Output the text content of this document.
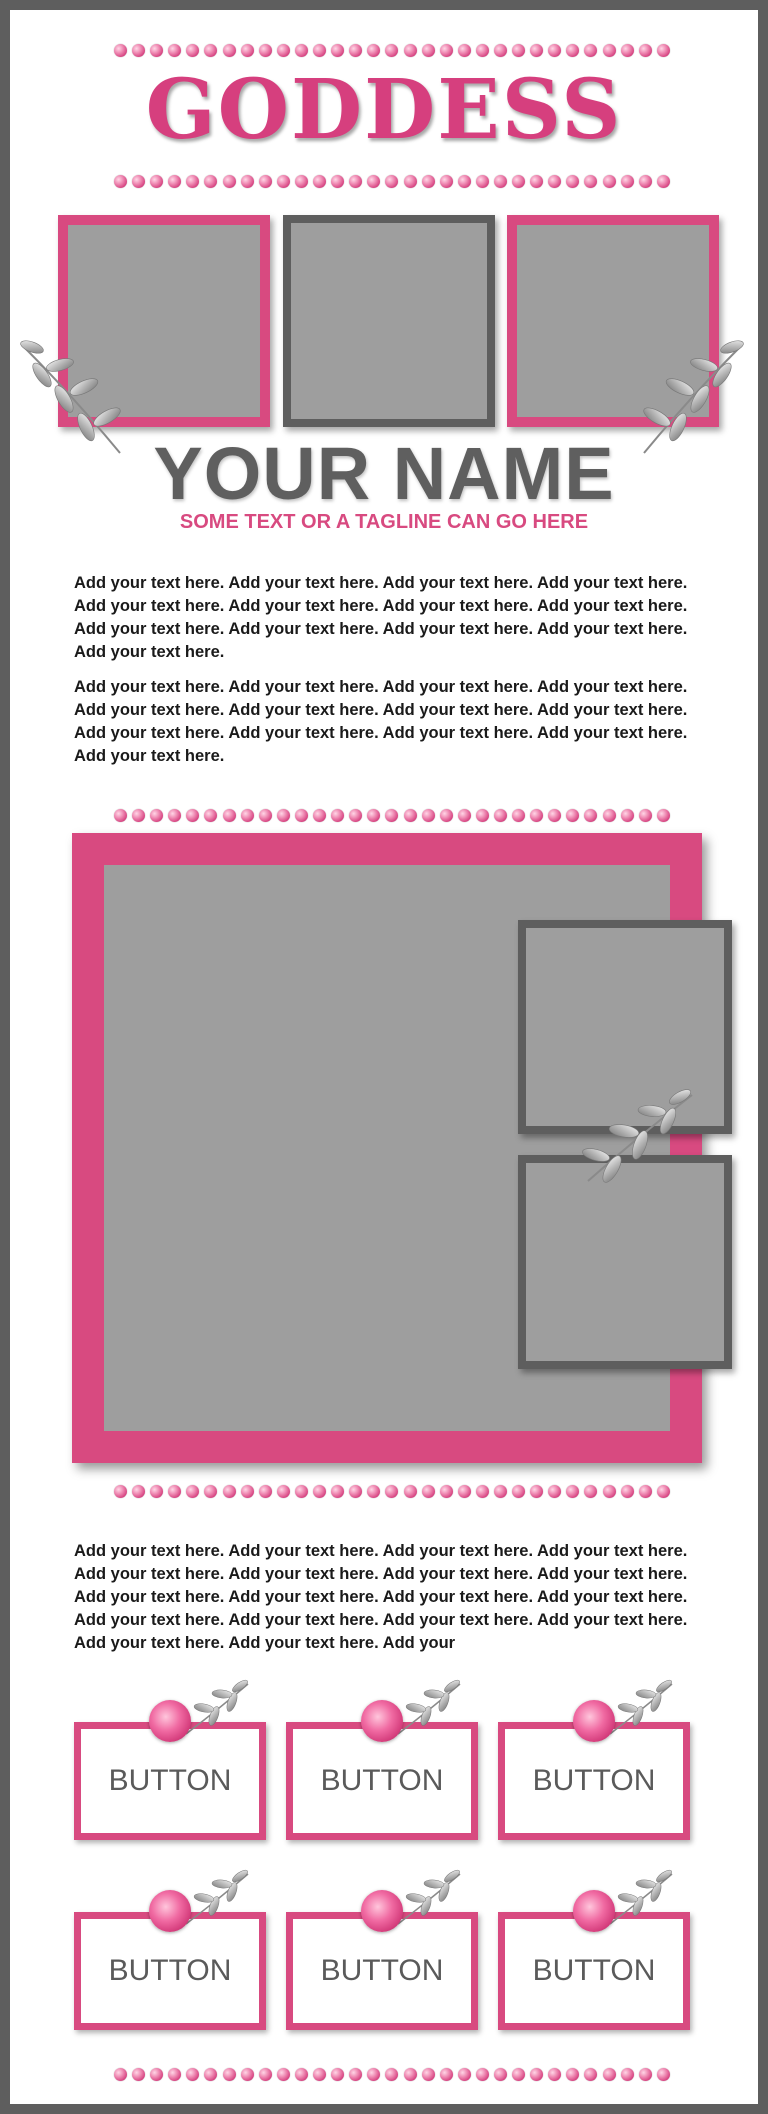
GODDESS
YOUR NAME
SOME TEXT OR A TAGLINE CAN GO HERE

Add your text here. Add your text here. Add your text here. Add your text here. Add your text here. Add your text here. Add your text here. Add your text here. Add your text here. Add your text here. Add your text here. Add your text here. Add your text here.

Add your text here. Add your text here. Add your text here. Add your text here. Add your text here. Add your text here. Add your text here. Add your text here. Add your text here. Add your text here. Add your text here. Add your text here. Add your text here.

Add your text here. Add your text here. Add your text here. Add your text here. Add your text here. Add your text here. Add your text here. Add your text here. Add your text here. Add your text here. Add your text here. Add your text here. Add your text here. Add your text here. Add your text here. Add your text here. Add your text here. Add your text here. Add your

BUTTON	BUTTON	BUTTON
BUTTON	BUTTON	BUTTON
